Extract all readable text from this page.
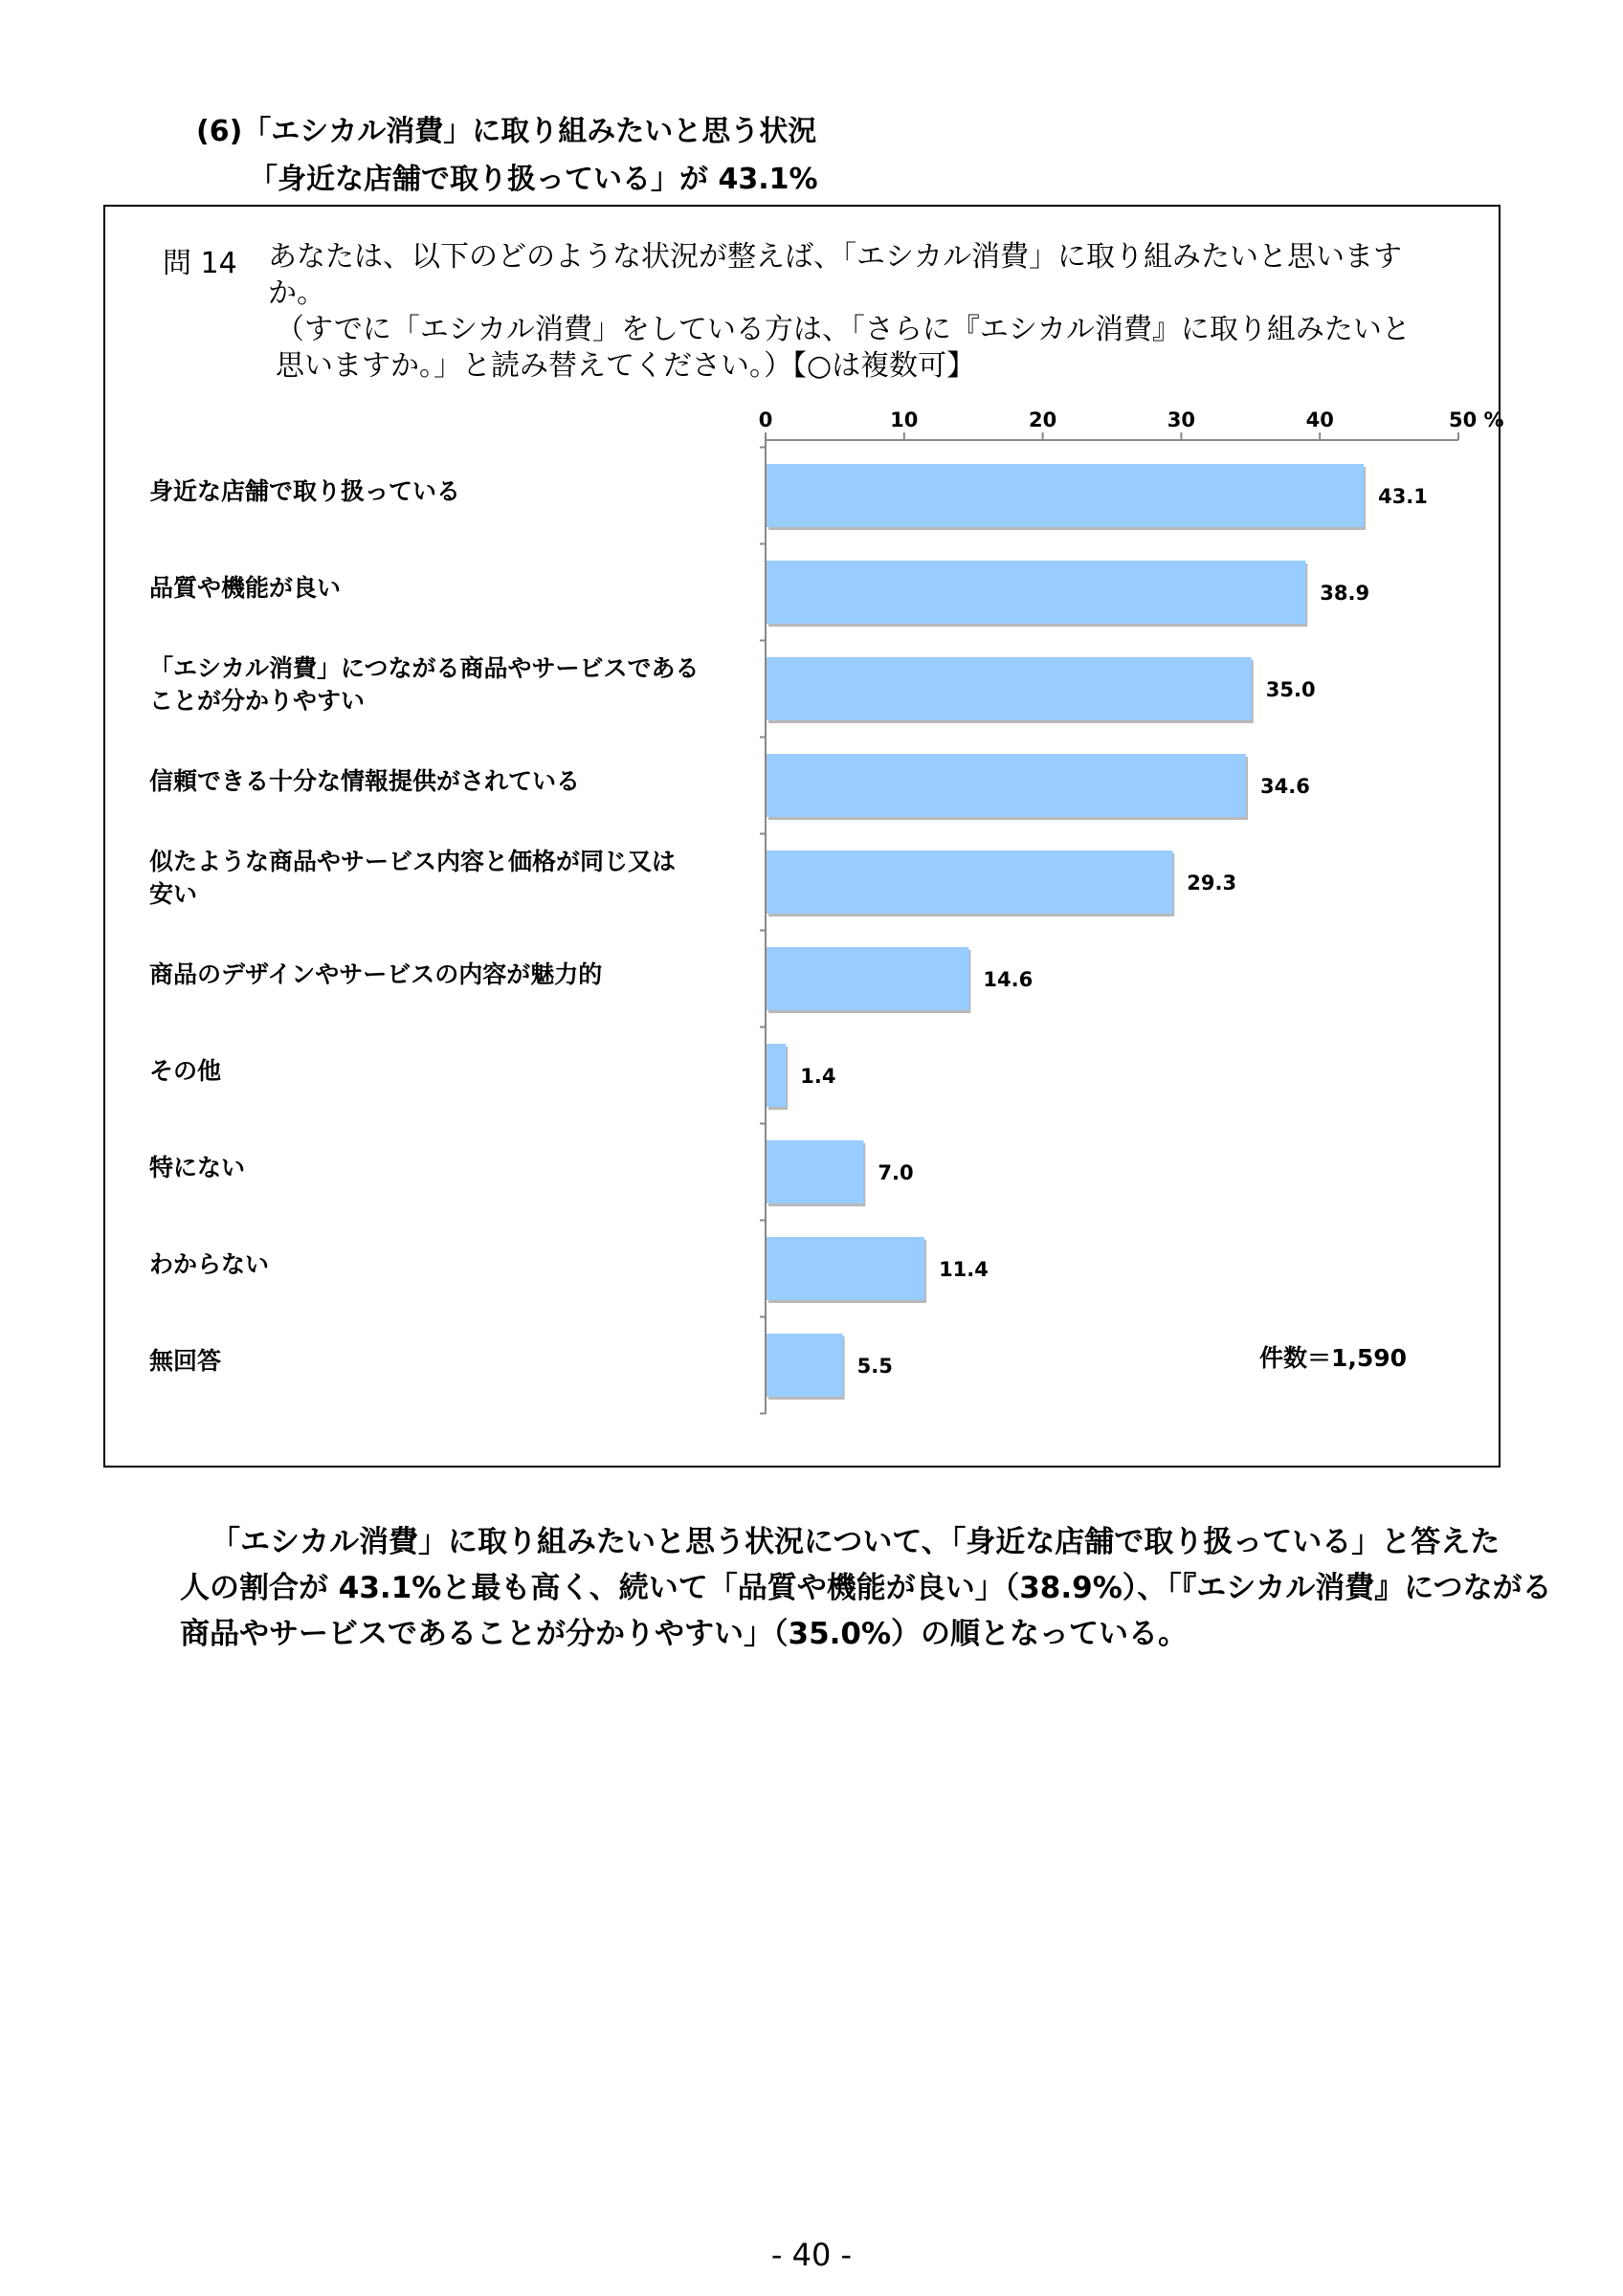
(6)「エシカル消費」に取り組みたいと思う状況
「身近な店舗で取り扱っている」が 43.1%
問 14 あなたは、以下のどのような状況が整えば、「エシカル消費」に取り組みたいと思います
か。
（すでに「エシカル消費」をしている方は、「さらに『エシカル消費』に取り組みたいと
思いますか。」と読み替えてください。）【○は複数可】
身近な店舗で取り扱っている
品質や機能が良い
「エシカル消費」につながる商品やサービスである
ことが分かりやすい
信頼できる十分な情報提供がされている
似たような商品やサービス内容と価格が同じ又は
安い
商品のデザインやサービスの内容が魅力的
その他
特にない
わからない
無回答
0	10	20	30	40	50 %
43.1
38.9
35.0
34.6
29.3
14.6
1.4
7.0
11.4
5.5	件数＝1,590
「エシカル消費」に取り組みたいと思う状況について、「身近な店舗で取り扱っている」と答えた
人の割合が 43.1%と最も高く、続いて「品質や機能が良い」（38.9%）、「『エシカル消費』につながる
商品やサービスであることが分かりやすい」（35.0%）の順となっている。
- 40 -
